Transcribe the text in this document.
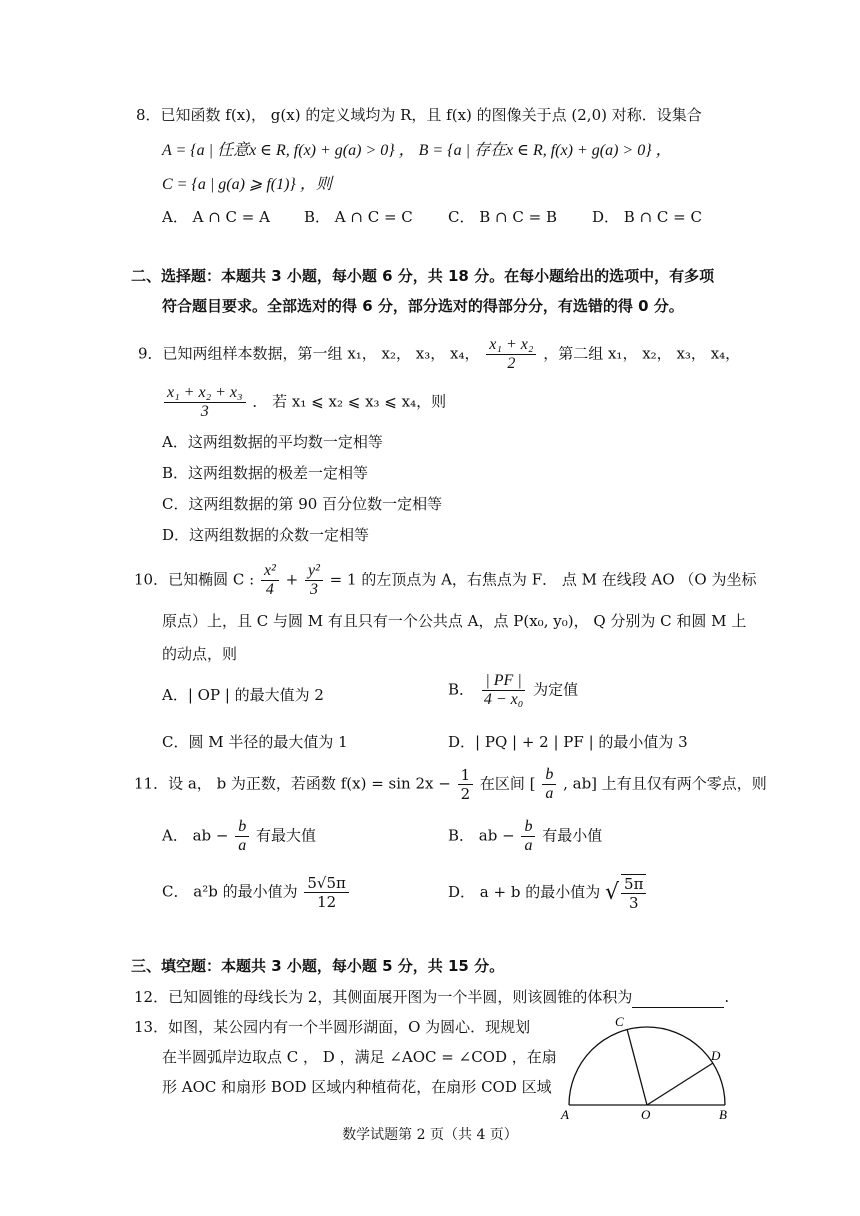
8．已知函数 f(x)， g(x) 的定义域均为 R，且 f(x) 的图像关于点 (2,0) 对称．设集合
A = {a | 任意x ∈ R, f(x) + g(a) > 0} ， B = {a | 存在x ∈ R, f(x) + g(a) > 0} ，
C = {a | g(a) ⩾ f(1)} ，则
A． A ∩ C = A B． A ∩ C = C C． B ∩ C = B D． B ∩ C = C
二、选择题：本题共 3 小题，每小题 6 分，共 18 分。在每小题给出的选项中，有多项
符合题目要求。全部选对的得 6 分，部分选对的得部分分，有选错的得 0 分。
9．已知两组样本数据，第一组 x₁， x₂， x₃， x₄， $\frac{\text{x₁ + x₂}}{2}$ ，第二组 x₁， x₂， x₃， x₄，
$\frac{\text{x₁ + x₂ + x₃}}{3}$ ． 若 x₁ ⩽ x₂ ⩽ x₃ ⩽ x₄，则
A．这两组数据的平均数一定相等
B．这两组数据的极差一定相等
C．这两组数据的第 90 百分位数一定相等
D．这两组数据的众数一定相等
10．已知椭圆 C : $\frac{\text{x²}}{4} + \frac{\text{y²}}{3} = 1$ 的左顶点为 A，右焦点为 F． 点 M 在线段 AO （O 为坐标
原点）上，且 C 与圆 M 有且只有一个公共点 A，点 P(x₀, y₀)， Q 分别为 C 和圆 M 上
的动点，则
A．| OP | 的最大值为 2	B． $\frac{| PF |}{\text{4 − x₀}}$ 为定值
C．圆 M 半径的最大值为 1	D．| PQ | + 2 | PF | 的最小值为 3
11．设 a， b 为正数，若函数 $f(x) = \sin 2x - \frac{1}{2}$ 在区间 [ $\frac{b}{a}$ , ab] 上有且仅有两个零点，则
A． ab − $\frac{b}{a}$ 有最大值	B． ab − $\frac{b}{a}$ 有最小值
C． a²b 的最小值为 $\frac{5√5\pi}{12}$	D． a + b 的最小值为 √ $\frac{5\pi}{3}$
三、填空题：本题共 3 小题，每小题 5 分，共 15 分。
12．已知圆锥的母线长为 2，其侧面展开图为一个半圆，则该圆锥的体积为	.
13．如图，某公园内有一个半圆形湖面，O 为圆心．现规划
在半圆弧岸边取点 C ， D ，满足 ∠AOC = ∠COD ，在扇
形 AOC 和扇形 BOD 区域内种植荷花，在扇形 COD 区域
A	O	B
C
D
数学试题第 2 页（共 4 页）
